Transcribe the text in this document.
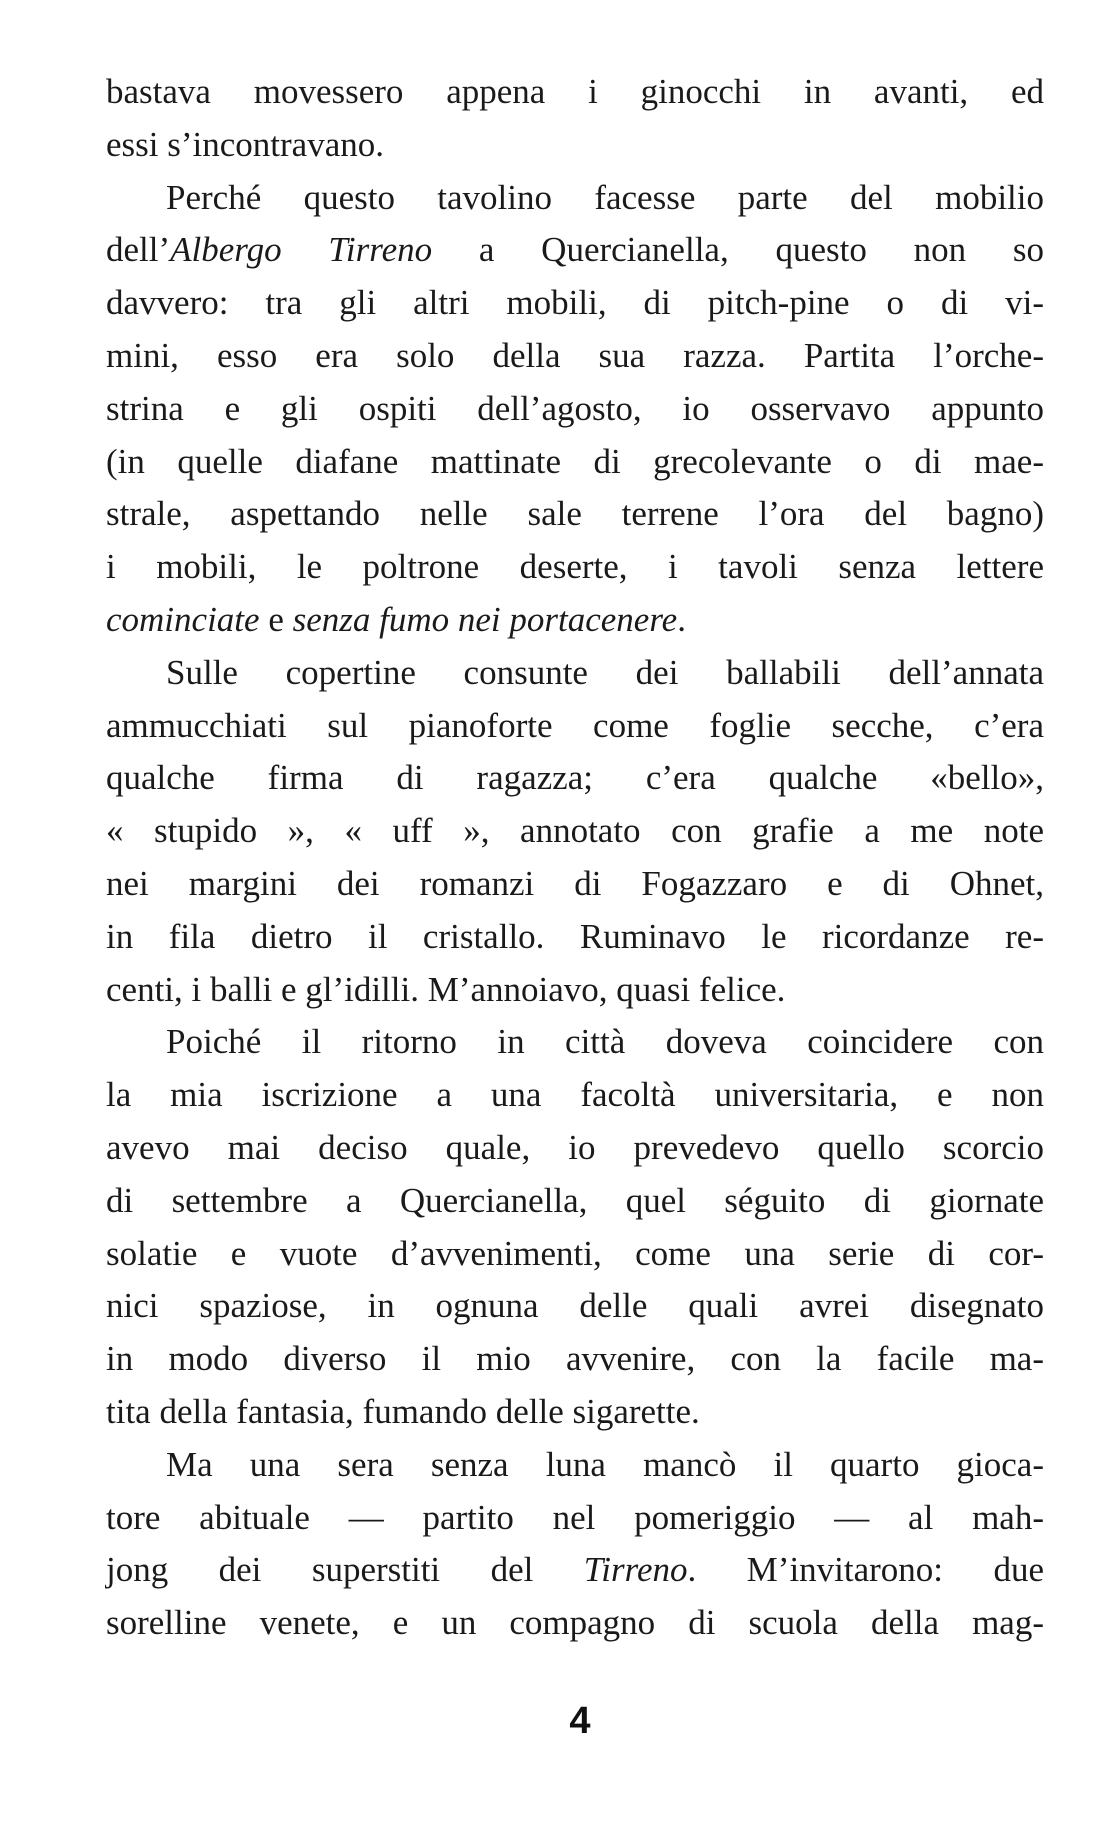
bastava movessero appena i ginocchi in avanti, ed
essi s’incontravano.
Perché questo tavolino facesse parte del mobilio
dell’Albergo Tirreno a Quercianella, questo non so
davvero: tra gli altri mobili, di pitch-pine o di vi-
mini, esso era solo della sua razza. Partita l’orche-
strina e gli ospiti dell’agosto, io osservavo appunto
(in quelle diafane mattinate di grecolevante o di mae-
strale, aspettando nelle sale terrene l’ora del bagno)
i mobili, le poltrone deserte, i tavoli senza lettere
cominciate e senza fumo nei portacenere.
Sulle copertine consunte dei ballabili dell’annata
ammucchiati sul pianoforte come foglie secche, c’era
qualche firma di ragazza; c’era qualche «bello»,
« stupido », « uff », annotato con grafie a me note
nei margini dei romanzi di Fogazzaro e di Ohnet,
in fila dietro il cristallo. Ruminavo le ricordanze re-
centi, i balli e gl’idilli. M’annoiavo, quasi felice.
Poiché il ritorno in città doveva coincidere con
la mia iscrizione a una facoltà universitaria, e non
avevo mai deciso quale, io prevedevo quello scorcio
di settembre a Quercianella, quel séguito di giornate
solatie e vuote d’avvenimenti, come una serie di cor-
nici spaziose, in ognuna delle quali avrei disegnato
in modo diverso il mio avvenire, con la facile ma-
tita della fantasia, fumando delle sigarette.
Ma una sera senza luna mancò il quarto gioca-
tore abituale — partito nel pomeriggio — al mah-
jong dei superstiti del Tirreno. M’invitarono: due
sorelline venete, e un compagno di scuola della mag-
4
